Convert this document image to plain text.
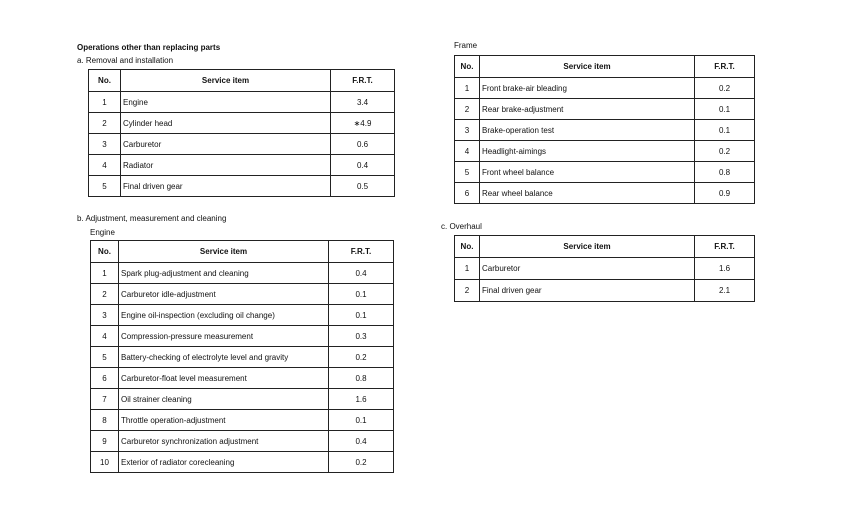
Operations other than replacing parts
a. Removal and installation
No.	Service item	F.R.T.
1	Engine	3.4
2	Cylinder head	∗4.9
3	Carburetor	0.6
4	Radiator	0.4
5	Final driven gear	0.5
b. Adjustment, measurement and cleaning
Engine
No.	Service item	F.R.T.
1	Spark plug-adjustment and cleaning	0.4
2	Carburetor idle-adjustment	0.1
3	Engine oil-inspection (excluding oil change)	0.1
4	Compression-pressure measurement	0.3
5	Battery-checking of electrolyte level and gravity	0.2
6	Carburetor-float level measurement	0.8
7	Oil strainer cleaning	1.6
8	Throttle operation-adjustment	0.1
9	Carburetor synchronization adjustment	0.4
10	Exterior of radiator corecleaning	0.2
Frame
No.	Service item	F.R.T.
1	Front brake-air bleading	0.2
2	Rear brake-adjustment	0.1
3	Brake-operation test	0.1
4	Headlight-aimings	0.2
5	Front wheel balance	0.8
6	Rear wheel balance	0.9
c. Overhaul
No.	Service item	F.R.T.
1	Carburetor	1.6
2	Final driven gear	2.1
